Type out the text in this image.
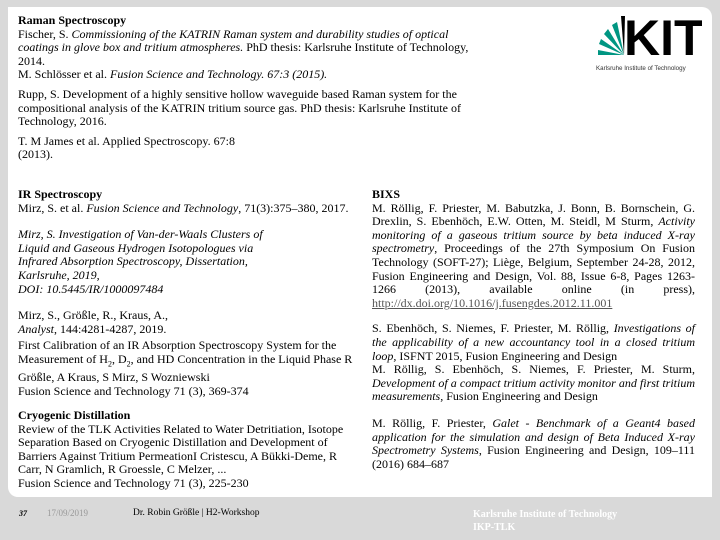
Raman Spectroscopy

Fischer, S. Commissioning of the KATRIN Raman system and durability studies of optical coatings in glove box and tritium atmospheres. PhD thesis: Karlsruhe Institute of Technology, 2014.

M. Schlösser et al. Fusion Science and Technology. 67:3 (2015).

Rupp, S. Development of a highly sensitive hollow waveguide based Raman system for the compositional analysis of the KATRIN tritium source gas. PhD thesis: Karlsruhe Institute of Technology, 2016.

T. M James et al. Applied Spectroscopy. 67:8 (2013).

KIT
Karlsruhe Institute of Technology

IR Spectroscopy

Mirz, S. et al. Fusion Science and Technology, 71(3):375–380, 2017.

Mirz, S. Investigation of Van-der-Waals Clusters of
Liquid and Gaseous Hydrogen Isotopologues via
Infrared Absorption Spectroscopy, Dissertation,
Karlsruhe, 2019,
DOI: 10.5445/IR/1000097484

Mirz, S., Größle, R., Kraus, A.,
Analyst, 144:4281-4287, 2019.

First Calibration of an IR Absorption Spectroscopy System for the Measurement of $H_2$, $D_2$, and HD Concentration in the Liquid Phase R Größle, A Kraus, S Mirz, S Wozniewski
Fusion Science and Technology 71 (3), 369-374

Cryogenic Distillation

Review of the TLK Activities Related to Water Detritiation, Isotope Separation Based on Cryogenic Distillation and Development of Barriers Against Tritium PermeationI Cristescu, A Bükki-Deme, R Carr, N Gramlich, R Groessle, C Melzer, ...

Fusion Science and Technology 71 (3), 225-230

BIXS

M. Röllig, F. Priester, M. Babutzka, J. Bonn, B. Bornschein, G. Drexlin, S. Ebenhöch, E.W. Otten, M. Steidl, M Sturm, Activity monitoring of a gaseous tritium source by beta induced X-ray spectrometry, Proceedings of the 27th Symposium On Fusion Technology (SOFT-27); Liège, Belgium, September 24-28, 2012, Fusion Engineering and Design, Vol. 88, Issue 6-8, Pages 1263-1266 (2013), available online (in press), http://dx.doi.org/10.1016/j.fusengdes.2012.11.001

S. Ebenhöch, S. Niemes, F. Priester, M. Röllig, Investigations of the applicability of a new accountancy tool in a closed tritium loop, ISFNT 2015, Fusion Engineering and Design

M. Röllig, S. Ebenhöch, S. Niemes, F. Priester, M. Sturm, Development of a compact tritium activity monitor and first tritium measurements, Fusion Engineering and Design

M. Röllig, F. Priester, Galet - Benchmark of a Geant4 based application for the simulation and design of Beta Induced X-ray Spectrometry Systems, Fusion Engineering and Design, 109–111 (2016) 684–687

37 17/09/2019	Dr. Robin Größle | H2-Workshop	Karlsruhe Institute of Technology
IKP-TLK
